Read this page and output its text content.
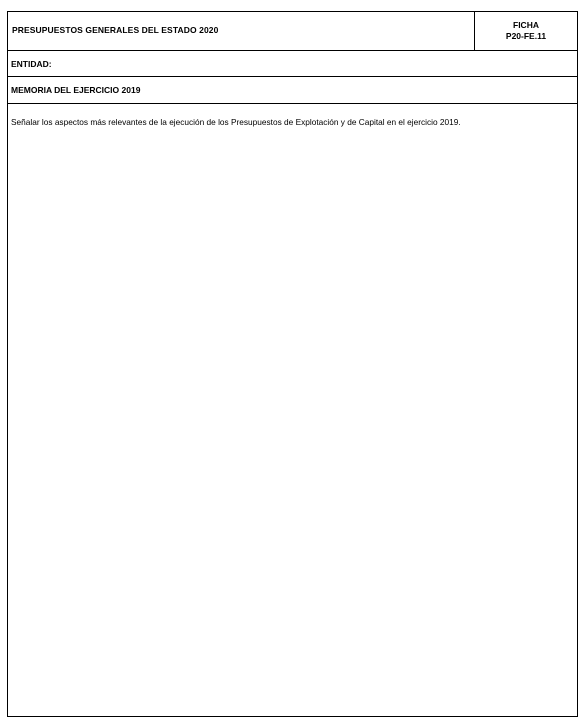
PRESUPUESTOS GENERALES DEL ESTADO 2020	FICHA
P20-FE.11
ENTIDAD:
MEMORIA DEL EJERCICIO 2019
Señalar los aspectos más relevantes de la ejecución de los Presupuestos de Explotación y de Capital en el ejercicio 2019.
